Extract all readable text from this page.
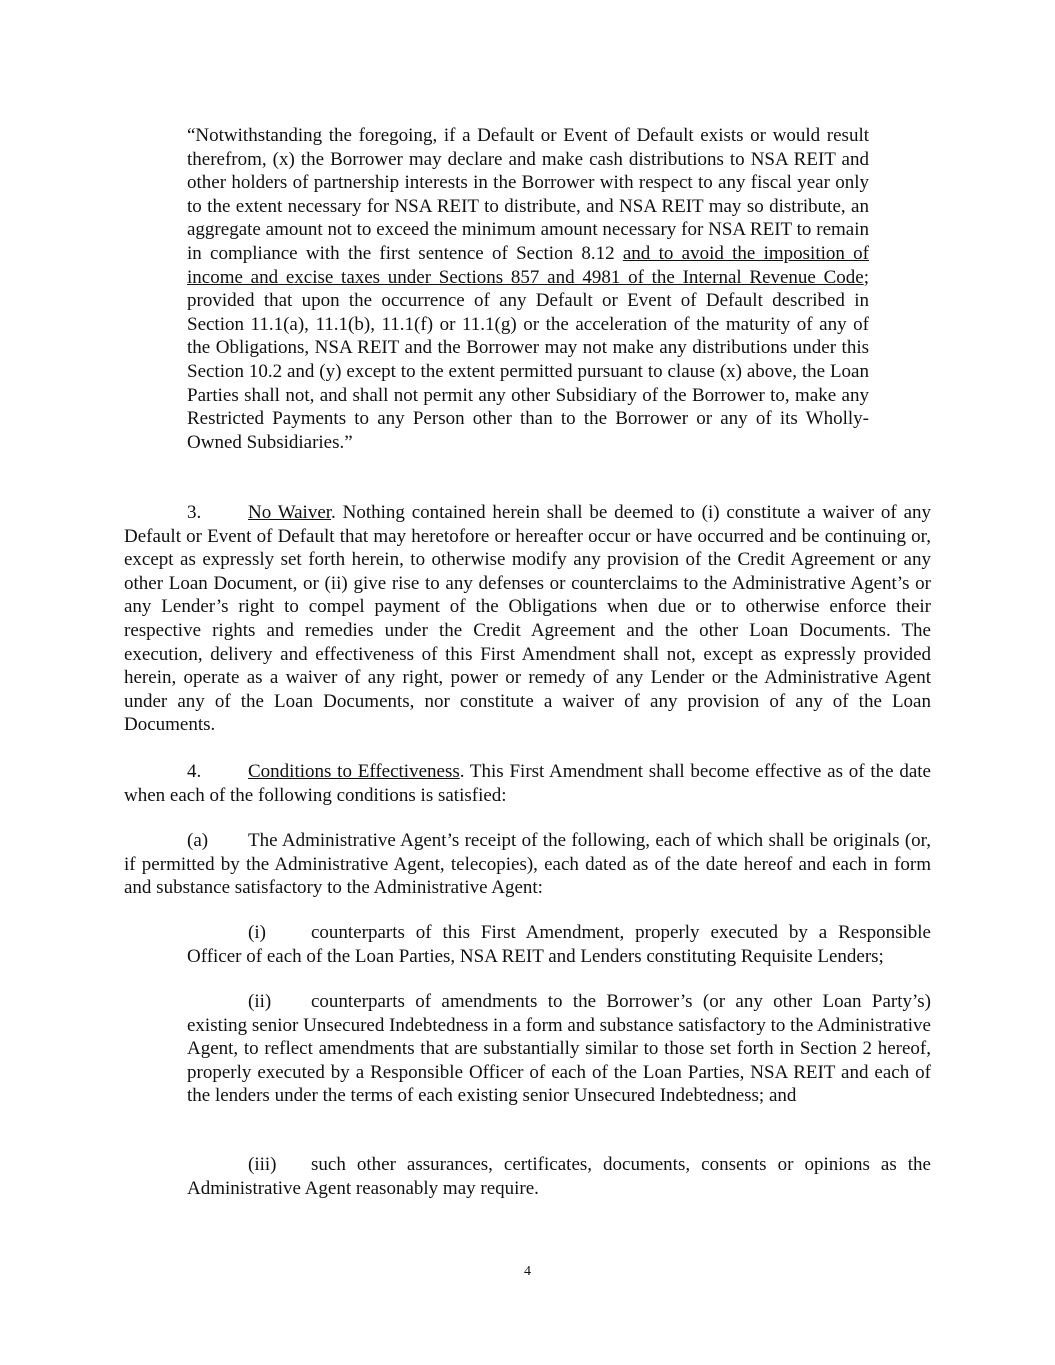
“Notwithstanding the foregoing, if a Default or Event of Default exists or would result therefrom, (x) the Borrower may declare and make cash distributions to NSA REIT and other holders of partnership interests in the Borrower with respect to any fiscal year only to the extent necessary for NSA REIT to distribute, and NSA REIT may so distribute, an aggregate amount not to exceed the minimum amount necessary for NSA REIT to remain in compliance with the first sentence of Section 8.12 and to avoid the imposition of income and excise taxes under Sections 857 and 4981 of the Internal Revenue Code; provided that upon the occurrence of any Default or Event of Default described in Section 11.1(a), 11.1(b), 11.1(f) or 11.1(g) or the acceleration of the maturity of any of the Obligations, NSA REIT and the Borrower may not make any distributions under this Section 10.2 and (y) except to the extent permitted pursuant to clause (x) above, the Loan Parties shall not, and shall not permit any other Subsidiary of the Borrower to, make any Restricted Payments to any Person other than to the Borrower or any of its Wholly-Owned Subsidiaries.”

3. No Waiver. Nothing contained herein shall be deemed to (i) constitute a waiver of any Default or Event of Default that may heretofore or hereafter occur or have occurred and be continuing or, except as expressly set forth herein, to otherwise modify any provision of the Credit Agreement or any other Loan Document, or (ii) give rise to any defenses or counterclaims to the Administrative Agent’s or any Lender’s right to compel payment of the Obligations when due or to otherwise enforce their respective rights and remedies under the Credit Agreement and the other Loan Documents. The execution, delivery and effectiveness of this First Amendment shall not, except as expressly provided herein, operate as a waiver of any right, power or remedy of any Lender or the Administrative Agent under any of the Loan Documents, nor constitute a waiver of any provision of any of the Loan Documents.

4. Conditions to Effectiveness. This First Amendment shall become effective as of the date when each of the following conditions is satisfied:

(a) The Administrative Agent’s receipt of the following, each of which shall be originals (or, if permitted by the Administrative Agent, telecopies), each dated as of the date hereof and each in form and substance satisfactory to the Administrative Agent:

(i) counterparts of this First Amendment, properly executed by a Responsible Officer of each of the Loan Parties, NSA REIT and Lenders constituting Requisite Lenders;

(ii) counterparts of amendments to the Borrower’s (or any other Loan Party’s) existing senior Unsecured Indebtedness in a form and substance satisfactory to the Administrative Agent, to reflect amendments that are substantially similar to those set forth in Section 2 hereof, properly executed by a Responsible Officer of each of the Loan Parties, NSA REIT and each of the lenders under the terms of each existing senior Unsecured Indebtedness; and

(iii) such other assurances, certificates, documents, consents or opinions as the Administrative Agent reasonably may require.

4
